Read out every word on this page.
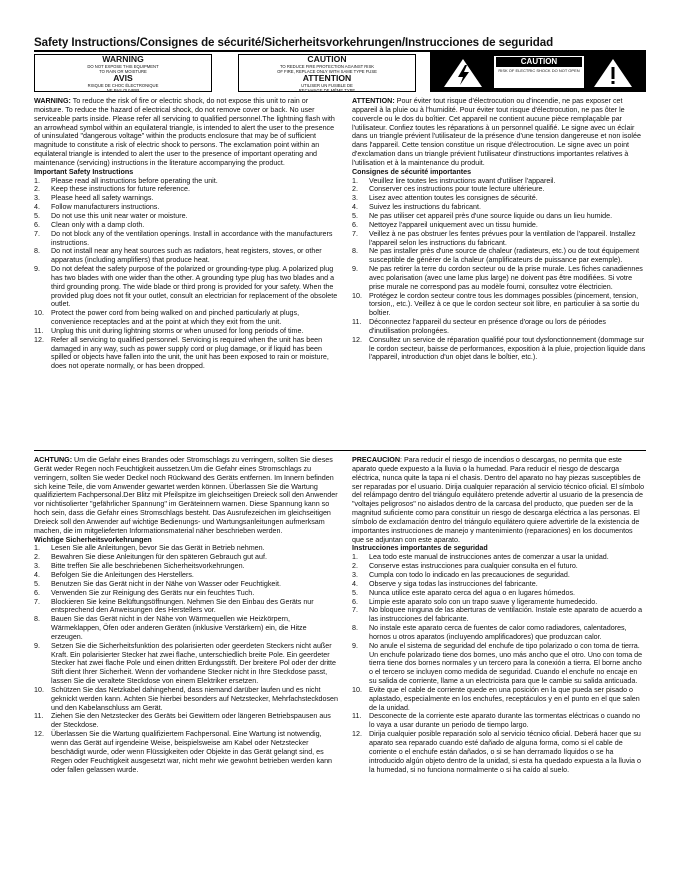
Safety Instructions/Consignes de sécurité/Sicherheitsvorkehrungen/Instrucciones de seguridad
WARNING
DO NOT EXPOSE THIS EQUIPMENT
TO RAIN OR MOISTURE
AVIS
RISQUE DE CHOC ÉLECTRONIQUE
NE PAS OUVRIR
CAUTION
TO REDUCE FIRE PROTECTION AGAINST RISK
OF FIRE, REPLACE ONLY WITH SAME TYPE FUSE
ATTENTION
UTILISER UN FUSIBLE DE
RECHANGE DE MÊME TYPE
CAUTION
RISK OF ELECTRIC SHOCK DO NOT OPEN

WARNING: To reduce the risk of fire or electric shock, do not expose this unit to rain or moisture. To reduce the hazard of electrical shock, do not remove cover or back. No user serviceable parts inside. Please refer all servicing to qualified personnel.The lightning flash with an arrowhead symbol within an equilateral triangle, is intended to alert the user to the presence of uninsulated "dangerous voltage" within the products enclosure that may be of sufficient magnitude to constitute a risk of electric shock to persons. The exclamation point within an equilateral triangle is intended to alert the user to the presence of important operating and maintenance (servicing) instructions in the literature accompanying the product.

Important Safety Instructions

1. Please read all instructions before operating the unit.
2. Keep these instructions for future reference.
3. Please heed all safety warnings.
4. Follow manufacturers instructions.
5. Do not use this unit near water or moisture.
6. Clean only with a damp cloth.
7. Do not block any of the ventilation openings. Install in accordance with the manufacturers instructions.
8. Do not install near any heat sources such as radiators, heat registers, stoves, or other apparatus (including amplifiers) that produce heat.
9. Do not defeat the safety purpose of the polarized or grounding-type plug. A polarized plug has two blades with one wider than the other. A grounding type plug has two blades and a third grounding prong. The wide blade or third prong is provided for your safety. When the provided plug does not fit your outlet, consult an electrician for replacement of the obsolete outlet.
10. Protect the power cord from being walked on and pinched particularly at plugs, convenience receptacles and at the point at which they exit from the unit.
11. Unplug this unit during lightning storms or when unused for long periods of time.
12. Refer all servicing to qualified personnel. Servicing is required when the unit has been damaged in any way, such as power supply cord or plug damage, or if liquid has been spilled or objects have fallen into the unit, the unit has been exposed to rain or moisture, does not operate normally, or has been dropped.

ATTENTION: Pour éviter tout risque d'électrocution ou d'incendie, ne pas exposer cet appareil à la pluie ou à l'humidité. Pour éviter tout risque d'électrocution, ne pas ôter le couvercle ou le dos du boîtier. Cet appareil ne contient aucune pièce remplaçable par l'utilisateur. Confiez toutes les réparations à un personnel qualifié. Le signe avec un éclair dans un triangle prévient l'utilisateur de la présence d'une tension dangereuse et non isolée dans l'appareil. Cette tension constitue un risque d'électrocution. Le signe avec un point d'exclamation dans un triangle prévient l'utilisateur d'instructions importantes relatives à l'utilisation et à la maintenance du produit.

Consignes de sécurité importantes

1. Veuillez lire toutes les instructions avant d'utiliser l'appareil.
2. Conserver ces instructions pour toute lecture ultérieure.
3. Lisez avec attention toutes les consignes de sécurité.
4. Suivez les instructions du fabricant.
5. Ne pas utiliser cet appareil près d'une source liquide ou dans un lieu humide.
6. Nettoyez l'appareil uniquement avec un tissu humide.
7. Veillez à ne pas obstruer les fentes prévues pour la ventilation de l'appareil. Installez l'appareil selon les instructions du fabricant.
8. Ne pas installer près d'une source de chaleur (radiateurs, etc.) ou de tout équipement susceptible de générer de la chaleur (amplificateurs de puissance par exemple).
9. Ne pas retirer la terre du cordon secteur ou de la prise murale. Les fiches canadiennes avec polarisation (avec une lame plus large) ne doivent pas être modifiées. Si votre prise murale ne correspond pas au modèle fourni, consultez votre électricien.
10. Protégez le cordon secteur contre tous les dommages possibles (pincement, tension, torsion,, etc.). Veillez à ce que le cordon secteur soit libre, en particulier à sa sortie du boîtier.
11. Déconnectez l'appareil du secteur en présence d'orage ou lors de périodes d'inutilisation prolongées.
12. Consultez un service de réparation qualifié pour tout dysfonctionnement (dommage sur le cordon secteur, baisse de performances, exposition à la pluie, projection liquide dans l'appareil, introduction d'un objet dans le boîtier, etc.).

ACHTUNG: Um die Gefahr eines Brandes oder Stromschlags zu verringern, sollten Sie dieses Gerät weder Regen noch Feuchtigkeit aussetzen.Um die Gefahr eines Stromschlags zu verringern, sollten Sie weder Deckel noch Rückwand des Geräts entfernen. Im Innern befinden sich keine Teile, die vom Anwender gewartet werden können. Überlassen Sie die Wartung qualifiziertem Fachpersonal.Der Blitz mit Pfeilspitze im gleichseitigen Dreieck soll den Anwender vor nichtisolierter "gefährlicher Spannung" im Geräteinnern warnen. Diese Spannung kann so hoch sein, dass die Gefahr eines Stromschlags besteht. Das Ausrufezeichen im gleichseitigen Dreieck soll den Anwender auf wichtige Bedienungs- und Wartungsanleitungen aufmerksam machen, die im mitgelieferten Informationsmaterial näher beschrieben werden.

Wichtige Sicherheitsvorkehrungen

1. Lesen Sie alle Anleitungen, bevor Sie das Gerät in Betrieb nehmen.
2. Bewahren Sie diese Anleitungen für den späteren Gebrauch gut auf.
3. Bitte treffen Sie alle beschriebenen Sicherheitsvorkehrungen.
4. Befolgen Sie die Anleitungen des Herstellers.
5. Benutzen Sie das Gerät nicht in der Nähe von Wasser oder Feuchtigkeit.
6. Verwenden Sie zur Reinigung des Geräts nur ein feuchtes Tuch.
7. Blockieren Sie keine Belüftungsöffnungen. Nehmen Sie den Einbau des Geräts nur entsprechend den Anweisungen des Herstellers vor.
8. Bauen Sie das Gerät nicht in der Nähe von Wärmequellen wie Heizkörpern, Wärmeklappen, Öfen oder anderen Geräten (inklusive Verstärkern) ein, die Hitze erzeugen.
9. Setzen Sie die Sicherheitsfunktion des polarisierten oder geerdeten Steckers nicht außer Kraft. Ein polarisierter Stecker hat zwei flache, unterschiedlich breite Pole. Ein geerdeter Stecker hat zwei flache Pole und einen dritten Erdungsstift. Der breitere Pol oder der dritte Stift dient Ihrer Sicherheit. Wenn der vorhandene Stecker nicht in Ihre Steckdose passt, lassen Sie die veraltete Steckdose von einem Elektriker ersetzen.
10. Schützen Sie das Netzkabel dahingehend, dass niemand darüber laufen und es nicht geknickt werden kann. Achten Sie hierbei besonders auf Netzstecker, Mehrfachsteckdosen und den Kabelanschluss am Gerät.
11. Ziehen Sie den Netzstecker des Geräts bei Gewittern oder längeren Betriebspausen aus der Steckdose.
12. Überlassen Sie die Wartung qualifiziertem Fachpersonal. Eine Wartung ist notwendig, wenn das Gerät auf irgendeine Weise, beispielsweise am Kabel oder Netzstecker beschädigt wurde, oder wenn Flüssigkeiten oder Objekte in das Gerät gelangt sind, es Regen oder Feuchtigkeit ausgesetzt war, nicht mehr wie gewohnt betrieben werden kann oder fallen gelassen wurde.

PRECAUCION: Para reducir el riesgo de incendios o descargas, no permita que este aparato quede expuesto a la lluvia o la humedad. Para reducir el riesgo de descarga eléctrica, nunca quite la tapa ni el chasis. Dentro del aparato no hay piezas susceptibles de ser reparadas por el usuario. Dirija cualquier reparación al servicio técnico oficial. El símbolo del relámpago dentro del triángulo equilátero pretende advertir al usuario de la presencia de "voltajes peligrosos" no aislados dentro de la carcasa del producto, que pueden ser de la magnitud suficiente como para constituir un riesgo de descarga eléctrica a las personas. El símbolo de exclamación dentro del triángulo equilátero quiere advertirle de la existencia de importantes instrucciones de manejo y mantenimiento (reparaciones) en los documentos que se adjuntan con este aparato.

Instrucciones importantes de seguridad

1. Lea todo este manual de instrucciones antes de comenzar a usar la unidad.
2. Conserve estas instrucciones para cualquier consulta en el futuro.
3. Cumpla con todo lo indicado en las precauciones de seguridad.
4. Observe y siga todas las instrucciones del fabricante.
5. Nunca utilice este aparato cerca del agua o en lugares húmedos.
6. Limpie este aparato solo con un trapo suave y ligeramente humedecido.
7. No bloquee ninguna de las aberturas de ventilación. Instale este aparato de acuerdo a las instrucciones del fabricante.
8. No instale este aparato cerca de fuentes de calor como radiadores, calentadores, hornos u otros aparatos (incluyendo amplificadores) que produzcan calor.
9. No anule el sistema de seguridad del enchufe de tipo polarizado o con toma de tierra. Un enchufe polarizado tiene dos bornes, uno más ancho que el otro. Uno con toma de tierra tiene dos bornes normales y un tercero para la conexión a tierra. El borne ancho o el tercero se incluyen como medida de seguridad. Cuando el enchufe no encaje en su salida de corriente, llame a un electricista para que le cambie su salida anticuada.
10. Evite que el cable de corriente quede en una posición en la que pueda ser pisado o aplastado, especialmente en los enchufes, receptáculos y en el punto en el que salen de la unidad.
11. Desconecte de la corriente este aparato durante las tormentas eléctricas o cuando no lo vaya a usar durante un periodo de tiempo largo.
12. Dirija cualquier posible reparación solo al servicio técnico oficial. Deberá hacer que su aparato sea reparado cuando esté dañado de alguna forma, como si el cable de corriente o el enchufe están dañados, o si se han derramado líquidos o se ha introducido algún objeto dentro de la unidad, si esta ha quedado expuesta a la lluvia o la humedad, si no funciona normalmente o si ha caído al suelo.
